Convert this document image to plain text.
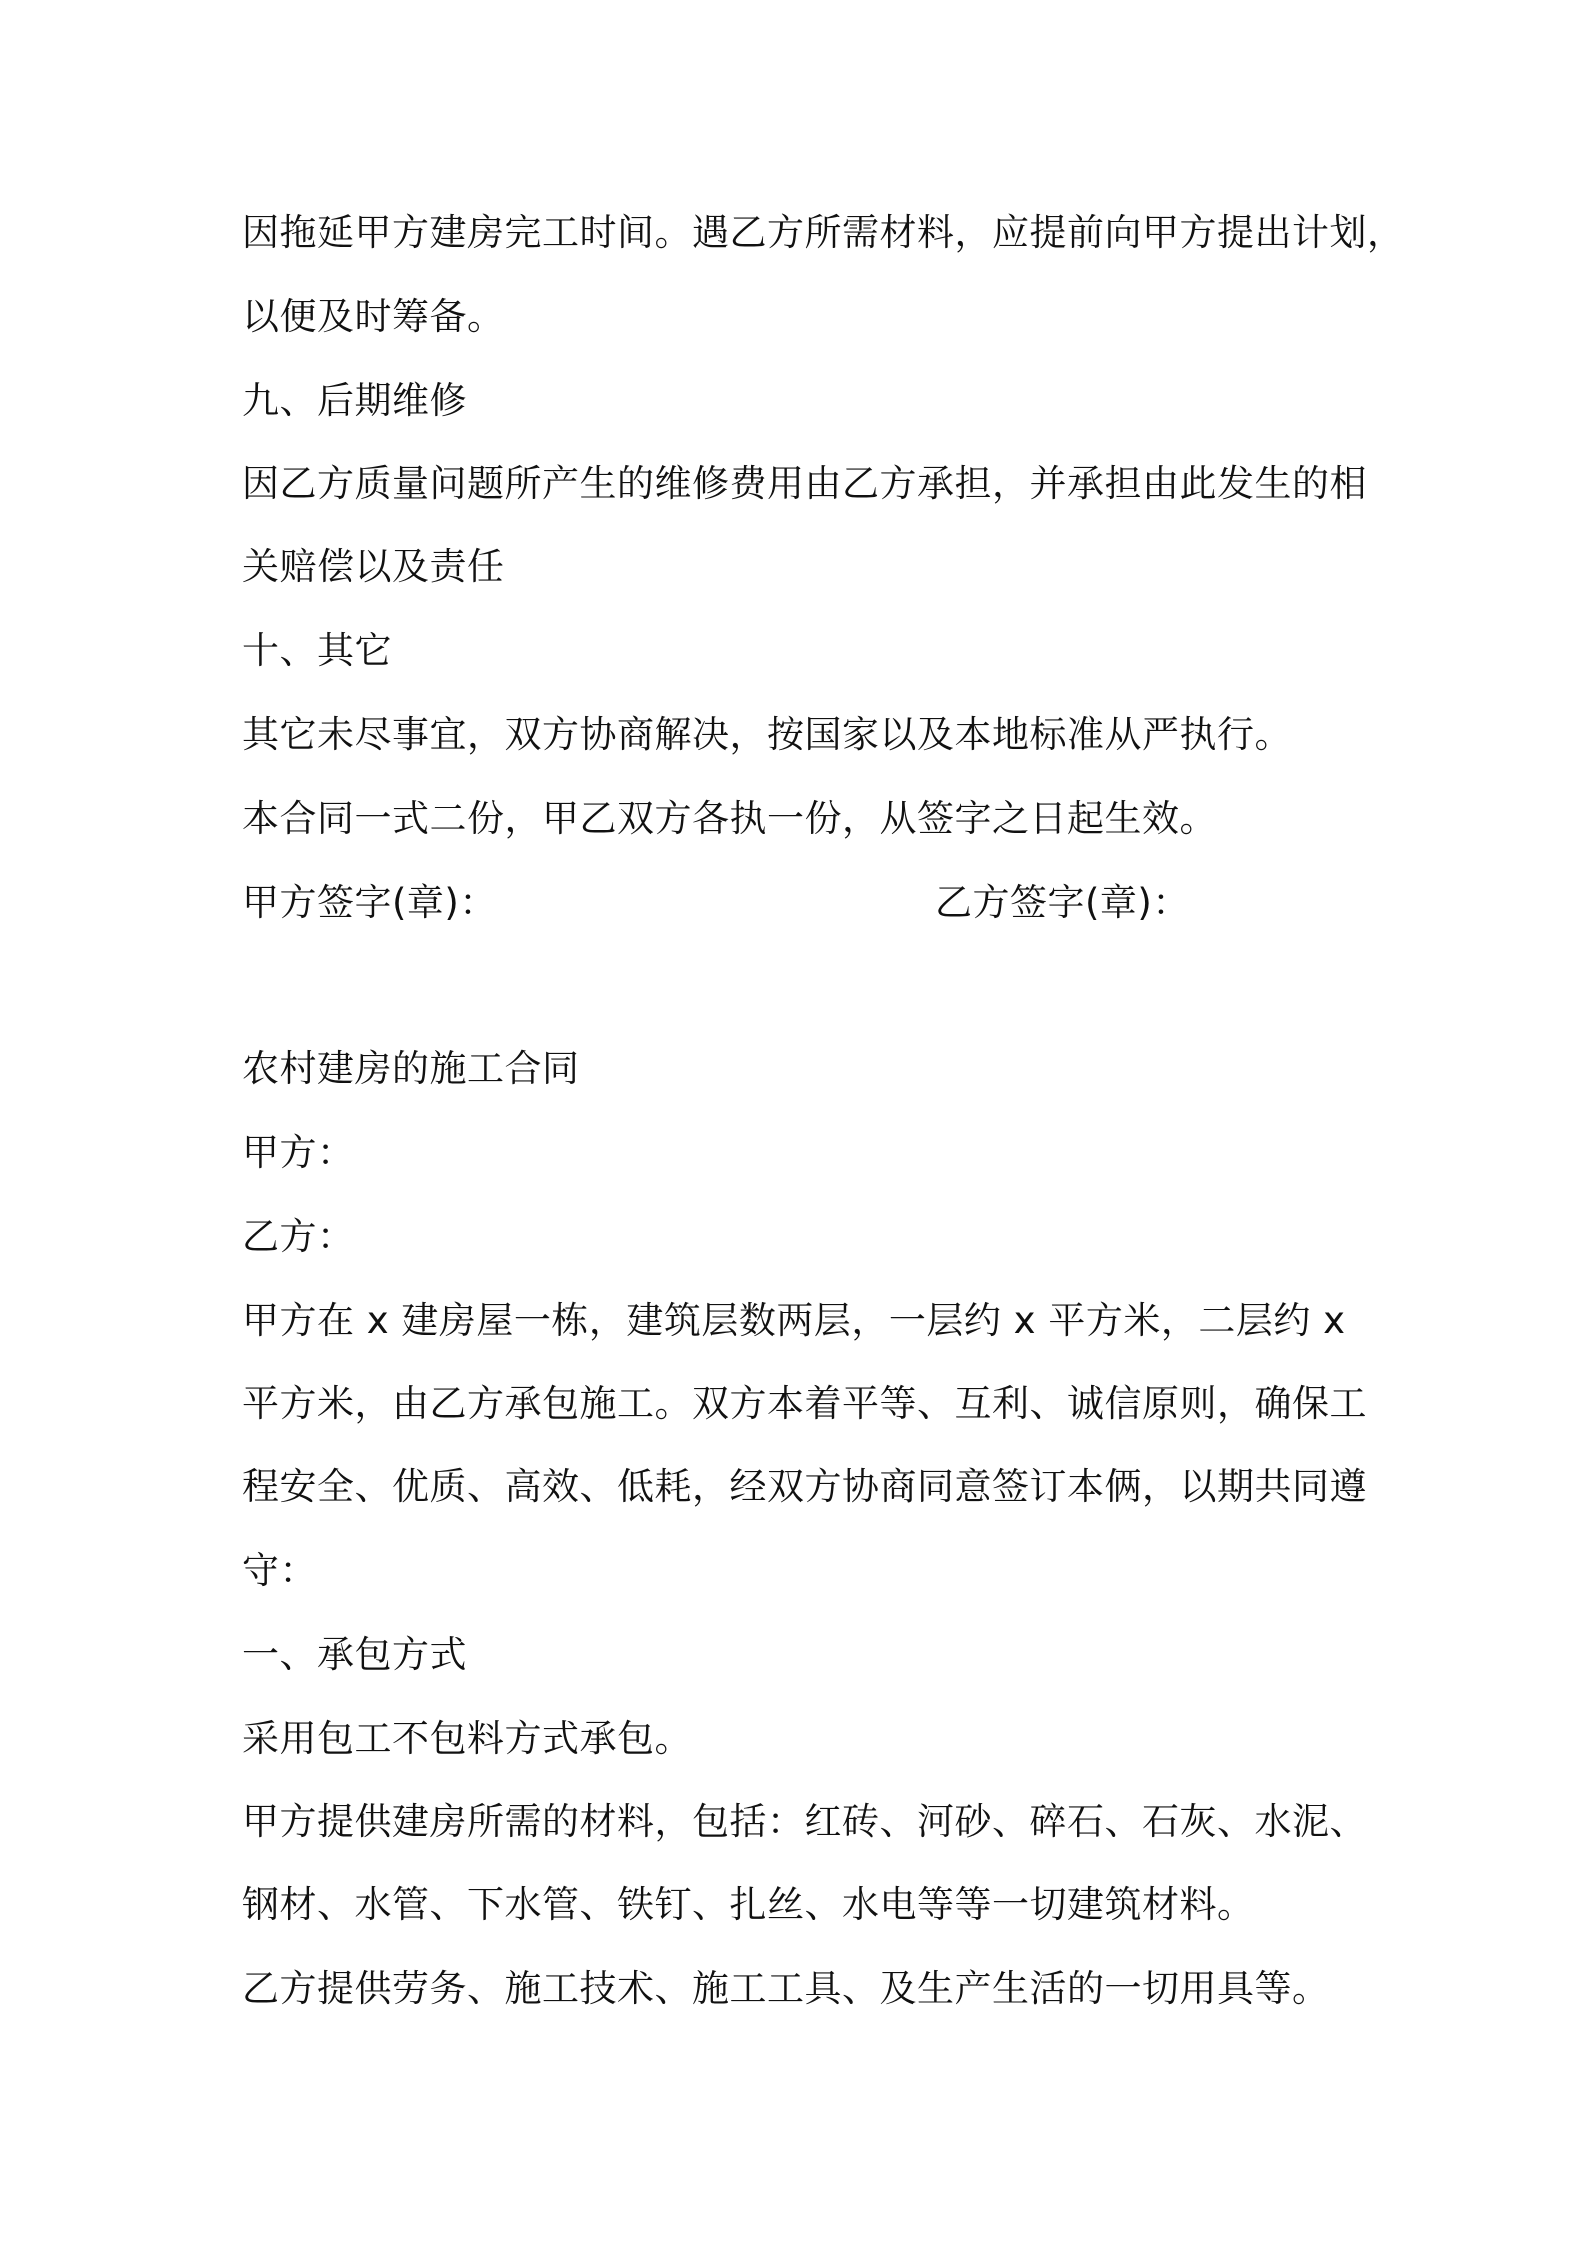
因拖延甲方建房完工时间。遇乙方所需材料，应提前向甲方提出计划，
以便及时筹备。
九、后期维修
因乙方质量问题所产生的维修费用由乙方承担，并承担由此发生的相
关赔偿以及责任
十、其它
其它未尽事宜，双方协商解决，按国家以及本地标准从严执行。
本合同一式二份，甲乙双方各执一份，从签字之日起生效。
甲方签字(章)：	乙方签字(章)：
农村建房的施工合同
甲方：
乙方：
甲方在 x 建房屋一栋，建筑层数两层，一层约 x 平方米，二层约 x
平方米，由乙方承包施工。双方本着平等、互利、诚信原则，确保工
程安全、优质、高效、低耗，经双方协商同意签订本俩，以期共同遵
守：
一、承包方式
采用包工不包料方式承包。
甲方提供建房所需的材料，包括：红砖、河砂、碎石、石灰、水泥、
钢材、水管、下水管、铁钉、扎丝、水电等等一切建筑材料。
乙方提供劳务、施工技术、施工工具、及生产生活的一切用具等。
